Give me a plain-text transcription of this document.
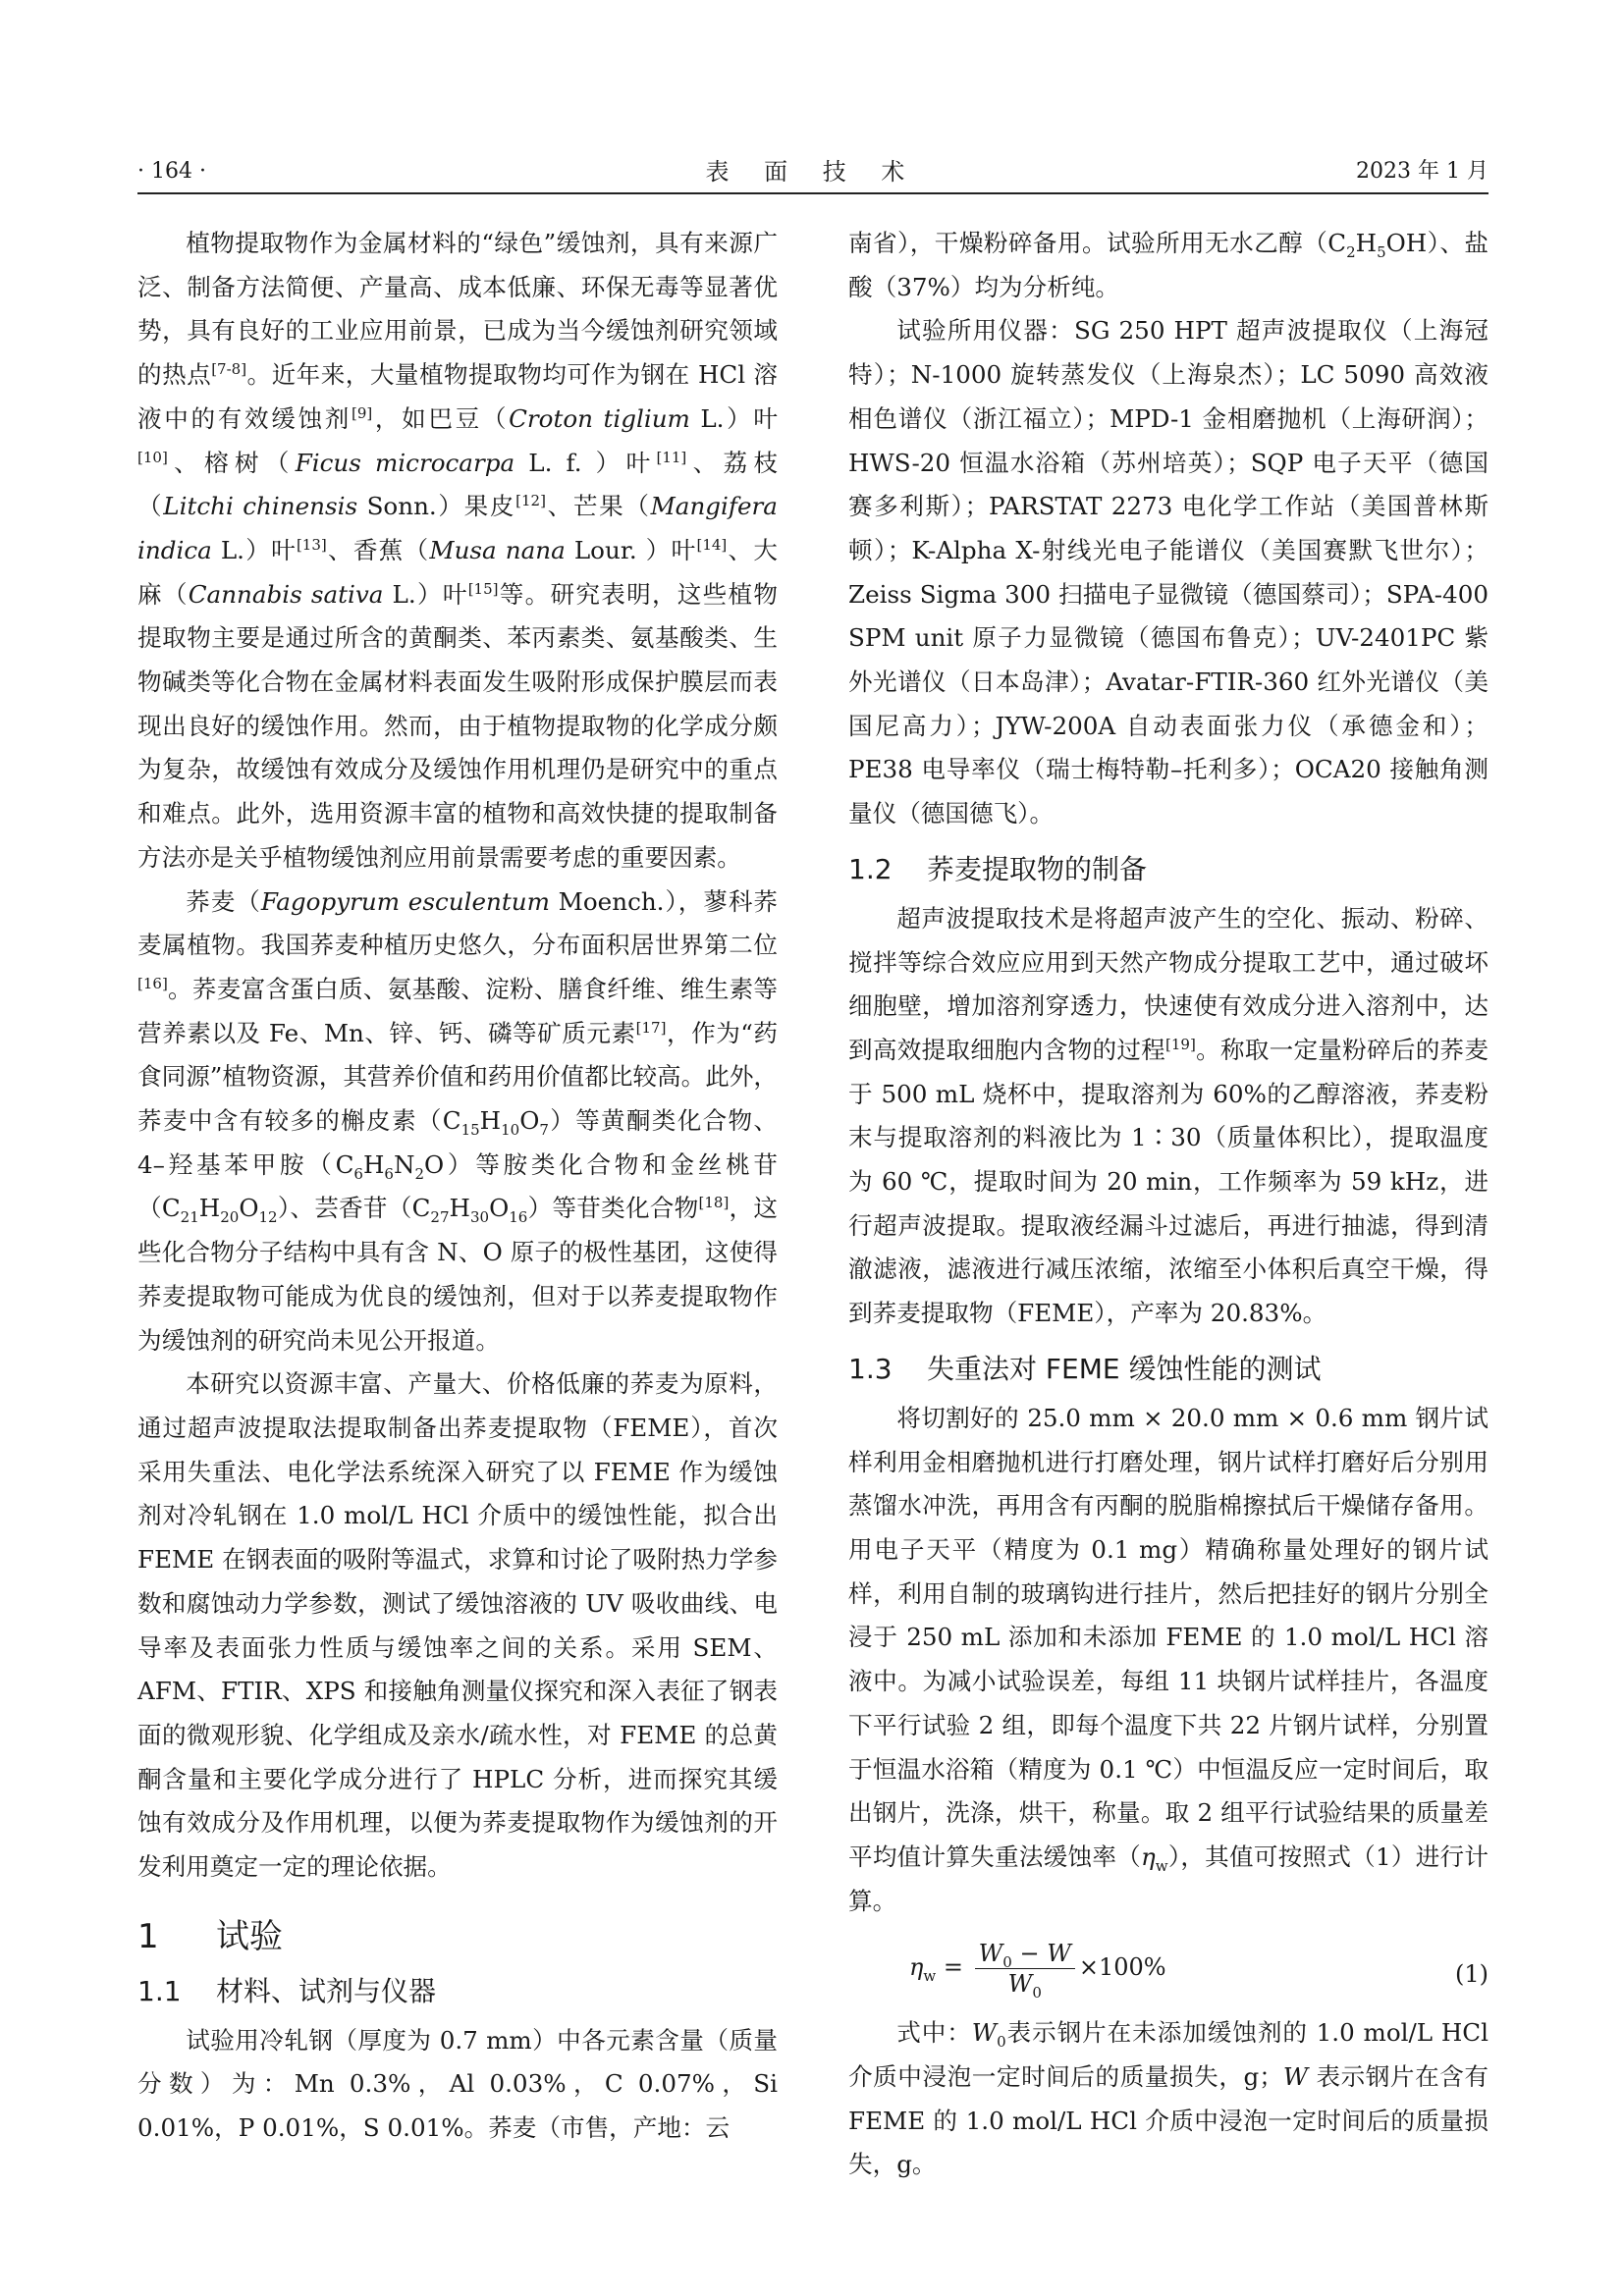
· 164 ·	表 面 技 术	2023 年 1 月

植物提取物作为金属材料的“绿色”缓蚀剂，具有来源广泛、制备方法简便、产量高、成本低廉、环保无毒等显著优势，具有良好的工业应用前景，已成为当今缓蚀剂研究领域的热点[7-8]。近年来，大量植物提取物均可作为钢在 HCl 溶液中的有效缓蚀剂[9]，如巴豆（Croton tiglium L.）叶[10]、榕树（Ficus microcarpa L. f. ）叶[11]、荔枝（Litchi chinensis Sonn.）果皮[12]、芒果（Mangifera indica L.）叶[13]、香蕉（Musa nana Lour. ）叶[14]、大麻（Cannabis sativa L.）叶[15]等。研究表明，这些植物提取物主要是通过所含的黄酮类、苯丙素类、氨基酸类、生物碱类等化合物在金属材料表面发生吸附形成保护膜层而表现出良好的缓蚀作用。然而，由于植物提取物的化学成分颇为复杂，故缓蚀有效成分及缓蚀作用机理仍是研究中的重点和难点。此外，选用资源丰富的植物和高效快捷的提取制备方法亦是关乎植物缓蚀剂应用前景需要考虑的重要因素。

荞麦（Fagopyrum esculentum Moench.），蓼科荞麦属植物。我国荞麦种植历史悠久，分布面积居世界第二位[16]。荞麦富含蛋白质、氨基酸、淀粉、膳食纤维、维生素等营养素以及 Fe、Mn、锌、钙、磷等矿质元素[17]，作为“药食同源”植物资源，其营养价值和药用价值都比较高。此外，荞麦中含有较多的槲皮素$(C_{15}H_{10}O_7)$等黄酮类化合物、4–羟基苯甲胺$(C_6H_6N_2O)$等胺类化合物和金丝桃苷$(C_{21}H_{20}O_{12})$、芸香苷$(C_{27}H_{30}O_{16})$等苷类化合物[18]，这些化合物分子结构中具有含 N、O 原子的极性基团，这使得荞麦提取物可能成为优良的缓蚀剂，但对于以荞麦提取物作为缓蚀剂的研究尚未见公开报道。

本研究以资源丰富、产量大、价格低廉的荞麦为原料，通过超声波提取法提取制备出荞麦提取物（FEME），首次采用失重法、电化学法系统深入研究了以 FEME 作为缓蚀剂对冷轧钢在 1.0 mol/L HCl 介质中的缓蚀性能，拟合出 FEME 在钢表面的吸附等温式，求算和讨论了吸附热力学参数和腐蚀动力学参数，测试了缓蚀溶液的 UV 吸收曲线、电导率及表面张力性质与缓蚀率之间的关系。采用 SEM、AFM、FTIR、XPS 和接触角测量仪探究和深入表征了钢表面的微观形貌、化学组成及亲水/疏水性，对 FEME 的总黄酮含量和主要化学成分进行了 HPLC 分析，进而探究其缓蚀有效成分及作用机理，以便为荞麦提取物作为缓蚀剂的开发利用奠定一定的理论依据。

1 试验
1.1 材料、试剂与仪器

试验用冷轧钢（厚度为 0.7 mm）中各元素含量（质量分数）为：Mn 0.3%，Al 0.03%，C 0.07%，Si 0.01%，P 0.01%，S 0.01%。荞麦（市售，产地：云

南省），干燥粉碎备用。试验所用无水乙醇$(C_2H_5OH)$、盐酸（37%）均为分析纯。

试验所用仪器：SG 250 HPT 超声波提取仪（上海冠特）；N-1000 旋转蒸发仪（上海泉杰）；LC 5090 高效液相色谱仪（浙江福立）；MPD-1 金相磨抛机（上海研润）；HWS-20 恒温水浴箱（苏州培英）；SQP 电子天平（德国赛多利斯）；PARSTAT 2273 电化学工作站（美国普林斯顿）；K-Alpha X-射线光电子能谱仪（美国赛默飞世尔）；Zeiss Sigma 300 扫描电子显微镜（德国蔡司）；SPA-400 SPM unit 原子力显微镜（德国布鲁克）；UV-2401PC 紫外光谱仪（日本岛津）；Avatar-FTIR-360 红外光谱仪（美国尼高力）；JYW-200A 自动表面张力仪（承德金和）；PE38 电导率仪（瑞士梅特勒–托利多）；OCA20 接触角测量仪（德国德飞）。

1.2 荞麦提取物的制备

超声波提取技术是将超声波产生的空化、振动、粉碎、搅拌等综合效应应用到天然产物成分提取工艺中，通过破坏细胞壁，增加溶剂穿透力，快速使有效成分进入溶剂中，达到高效提取细胞内含物的过程[19]。称取一定量粉碎后的荞麦于 500 mL 烧杯中，提取溶剂为 60%的乙醇溶液，荞麦粉末与提取溶剂的料液比为 1∶30（质量体积比），提取温度为 60 ℃，提取时间为 20 min，工作频率为 59 kHz，进行超声波提取。提取液经漏斗过滤后，再进行抽滤，得到清澈滤液，滤液进行减压浓缩，浓缩至小体积后真空干燥，得到荞麦提取物（FEME），产率为 20.83%。

1.3 失重法对 FEME 缓蚀性能的测试

将切割好的 25.0 mm × 20.0 mm × 0.6 mm 钢片试样利用金相磨抛机进行打磨处理，钢片试样打磨好后分别用蒸馏水冲洗，再用含有丙酮的脱脂棉擦拭后干燥储存备用。用电子天平（精度为 0.1 mg）精确称量处理好的钢片试样，利用自制的玻璃钩进行挂片，然后把挂好的钢片分别全浸于 250 mL 添加和未添加 FEME 的 1.0 mol/L HCl 溶液中。为减小试验误差，每组 11 块钢片试样挂片，各温度下平行试验 2 组，即每个温度下共 22 片钢片试样，分别置于恒温水浴箱（精度为 0.1 ℃）中恒温反应一定时间后，取出钢片，洗涤，烘干，称量。取 2 组平行试验结果的质量差平均值计算失重法缓蚀率$(\eta_w)$，其值可按照式（1）进行计算。

$\eta_w = \frac{W_0 - W}{W_0} \times 100\%$	(1)

式中：$W_0$表示钢片在未添加缓蚀剂的 1.0 mol/L HCl 介质中浸泡一定时间后的质量损失，g；W 表示钢片在含有 FEME 的 1.0 mol/L HCl 介质中浸泡一定时间后的质量损失，g。
